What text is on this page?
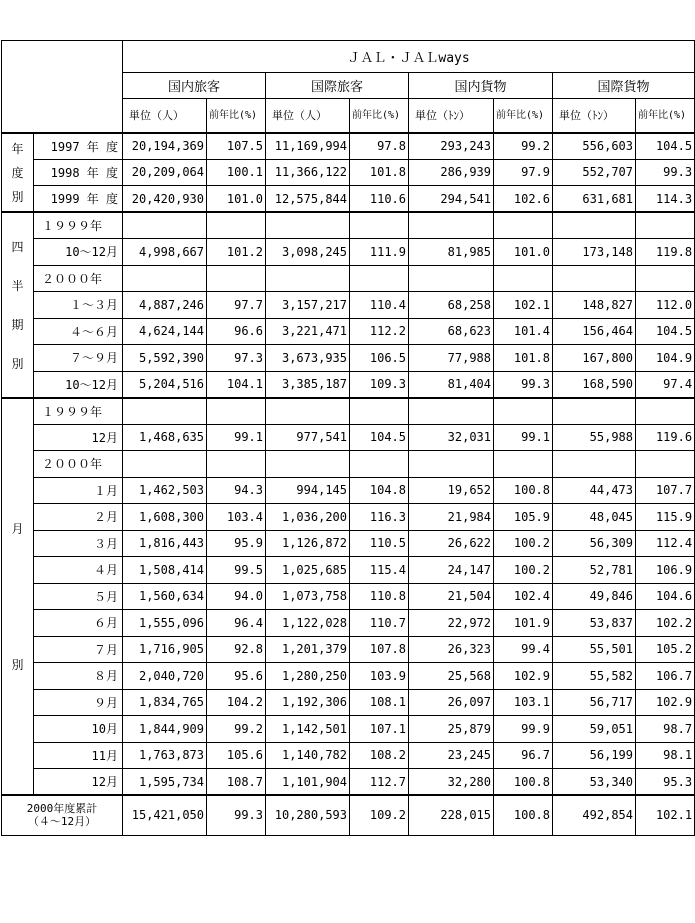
		ＪＡＬ・ＪＡＬways							
		国内旅客		国際旅客		国内貨物		国際貨物	
		単位（人）	前年比(%)	単位（人）	前年比(%)	単位（ﾄﾝ）	前年比(%)	単位（ﾄﾝ）	前年比(%)

年
度
別	1997 年 度	20,194,369	107.5	11,169,994	97.8	293,243	99.2	556,603	104.5
	1998 年 度	20,209,064	100.1	11,366,122	101.8	286,939	97.9	552,707	99.3
	1999 年 度	20,420,930	101.0	12,575,844	110.6	294,541	102.6	631,681	114.3

四
半
期
別	１９９９年								
	10～12月	4,998,667	101.2	3,098,245	111.9	81,985	101.0	173,148	119.8
	２０００年								
	１～３月	4,887,246	97.7	3,157,217	110.4	68,258	102.1	148,827	112.0
	４～６月	4,624,144	96.6	3,221,471	112.2	68,623	101.4	156,464	104.5
	７～９月	5,592,390	97.3	3,673,935	106.5	77,988	101.8	167,800	104.9
	10～12月	5,204,516	104.1	3,385,187	109.3	81,404	99.3	168,590	97.4

月
別	１９９９年								
	12月	1,468,635	99.1	977,541	104.5	32,031	99.1	55,988	119.6
	２０００年								
	１月	1,462,503	94.3	994,145	104.8	19,652	100.8	44,473	107.7
	２月	1,608,300	103.4	1,036,200	116.3	21,984	105.9	48,045	115.9
	３月	1,816,443	95.9	1,126,872	110.5	26,622	100.2	56,309	112.4
	４月	1,508,414	99.5	1,025,685	115.4	24,147	100.2	52,781	106.9
	５月	1,560,634	94.0	1,073,758	110.8	21,504	102.4	49,846	104.6
	６月	1,555,096	96.4	1,122,028	110.7	22,972	101.9	53,837	102.2
	７月	1,716,905	92.8	1,201,379	107.8	26,323	99.4	55,501	105.2
	８月	2,040,720	95.6	1,280,250	103.9	25,568	102.9	55,582	106.7
	９月	1,834,765	104.2	1,192,306	108.1	26,097	103.1	56,717	102.9
	10月	1,844,909	99.2	1,142,501	107.1	25,879	99.9	59,051	98.7
	11月	1,763,873	105.6	1,140,782	108.2	23,245	96.7	56,199	98.1
	12月	1,595,734	108.7	1,101,904	112.7	32,280	100.8	53,340	95.3

2000年度累計
（４～12月）		15,421,050	99.3	10,280,593	109.2	228,015	100.8	492,854	102.1
